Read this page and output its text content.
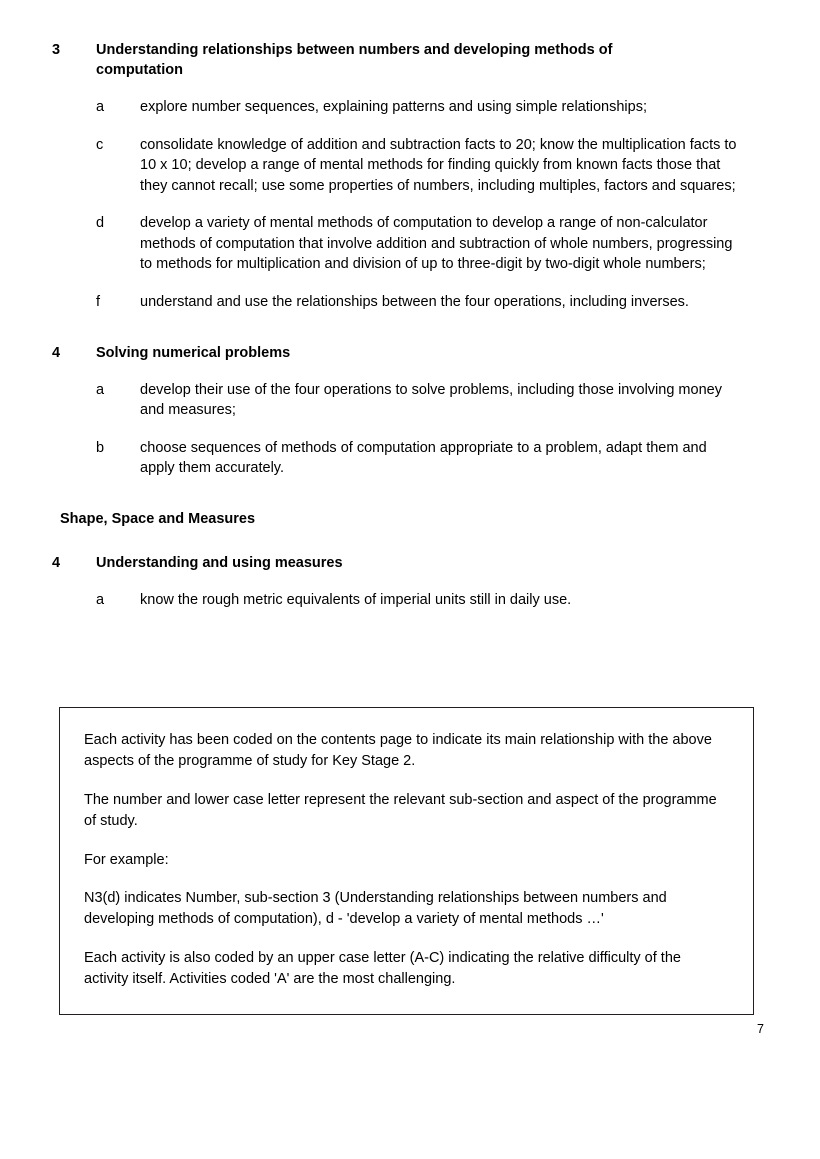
3	Understanding relationships between numbers and developing methods of computation
a	explore number sequences, explaining patterns and using simple relationships;
c	consolidate knowledge of addition and subtraction facts to 20; know the multiplication facts to 10 x 10; develop a range of mental methods for finding quickly from known facts those that they cannot recall; use some properties of numbers, including multiples, factors and squares;
d	develop a variety of mental methods of computation to develop a range of non-calculator methods of computation that involve addition and subtraction of whole numbers, progressing to methods for multiplication and division of up to three-digit by two-digit whole numbers;
f	understand and use the relationships between the four operations, including inverses.
4	Solving numerical problems
a	develop their use of the four operations to solve problems, including those involving money and measures;
b	choose sequences of methods of computation appropriate to a problem, adapt them and apply them accurately.
Shape, Space and Measures
4	Understanding and using measures
a	know the rough metric equivalents of imperial units still in daily use.

Each activity has been coded on the contents page to indicate its main relationship with the above aspects of the programme of study for Key Stage 2.

The number and lower case letter represent the relevant sub-section and aspect of the programme of study.

For example:

N3(d) indicates Number, sub-section 3 (Understanding relationships between numbers and developing methods of computation), d - 'develop a variety of mental methods …'

Each activity is also coded by an upper case letter (A-C) indicating the relative difficulty of the activity itself. Activities coded 'A' are the most challenging.

7
